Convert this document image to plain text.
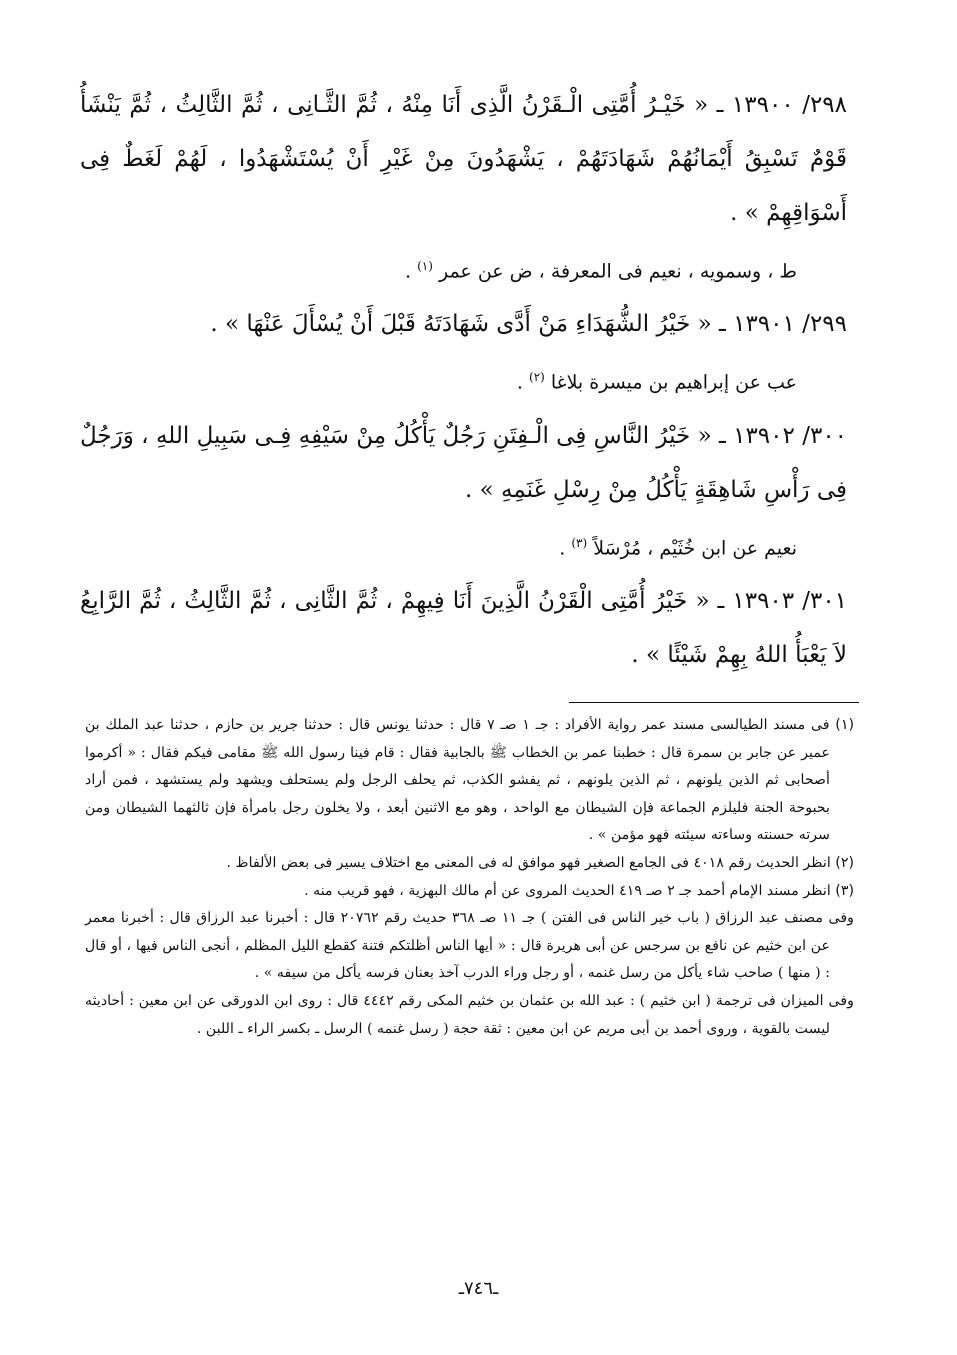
٢٩٨/ ١٣٩٠٠ ـ « خَيْـرُ أُمَّتِى الْـقَرْنُ الَّذِى أَنَا مِنْهُ ، ثُمَّ الثَّـانِى ، ثُمَّ الثَّالِثُ ، ثُمَّ يَنْشَأُ قَوْمٌ تَسْبِقُ أَيْمَانُهُمْ شَهَادَتَهُمْ ، يَشْهَدُونَ مِنْ غَيْرِ أَنْ يُسْتَشْهَدُوا ، لَهُمْ لَغَطٌ فِى أَسْوَاقِهِمْ » .

ط ، وسمويه ، نعيم فى المعرفة ، ض عن عمر $^{(١)}$ .

٢٩٩/ ١٣٩٠١ ـ « خَيْرُ الشُّهَدَاءِ مَنْ أَدَّى شَهَادَتَهُ قَبْلَ أَنْ يُسْأَلَ عَنْهَا » .

عب عن إبراهيم بن ميسرة بلاغا $^{(٢)}$ .

٣٠٠/ ١٣٩٠٢ ـ « خَيْرُ النَّاسِ فِى الْـفِتَنِ رَجُلٌ يَأْكُلُ مِنْ سَيْفِهِ فِـى سَبِيلِ اللهِ ، وَرَجُلٌ فِى رَأْسِ شَاهِقَةٍ يَأْكُلُ مِنْ رِسْلِ غَنَمِهِ » .

نعيم عن ابن خُثَيْم ، مُرْسَلاً $^{(٣)}$ .

٣٠١/ ١٣٩٠٣ ـ « خَيْرُ أُمَّتِى الْقَرْنُ الَّذِينَ أَنَا فِيهِمْ ، ثُمَّ الثَّانِى ، ثُمَّ الثَّالِثُ ، ثُمَّ الرَّابِعُ لاَ يَعْبَأُ اللهُ بِهِمْ شَيْئًا » .

(١) فى مسند الطيالسى مسند عمر رواية الأفراد : جـ ١ صـ ٧ قال : حدثنا يونس قال : حدثنا جرير بن حازم ، حدثنا عبد الملك بن عمير عن جابر بن سمرة قال : خطبنا عمر بن الخطاب ﷺ بالجابية فقال : قام فينا رسول الله ﷺ مقامى فيكم فقال : « أكرموا أصحابى ثم الذين يلونهم ، ثم الذين يلونهم ، ثم يفشو الكذب، ثم يحلف الرجل ولم يستحلف ويشهد ولم يستشهد ، فمن أراد بحبوحة الجنة فليلزم الجماعة فإن الشيطان مع الواحد ، وهو مع الاثنين أبعد ، ولا يخلون رجل بامرأة فإن ثالثهما الشيطان ومن سرته حسنته وساءته سيئته فهو مؤمن » .

(٢) انظر الحديث رقم ٤٠١٨ فى الجامع الصغير فهو موافق له فى المعنى مع اختلاف يسير فى بعض الألفاظ .

(٣) انظر مسند الإمام أحمد جـ ٢ صـ ٤١٩ الحديث المروى عن أم مالك البهزية ، فهو قريب منه .

وفى مصنف عبد الرزاق ( باب خير الناس فى الفتن ) جـ ١١ صـ ٣٦٨ حديث رقم ٢٠٧٦٢ قال : أخبرنا عبد الرزاق قال : أخبرنا معمر عن ابن خثيم عن نافع بن سرجس عن أبى هريرة قال : « أيها الناس أظلتكم فتنة كقطع الليل المظلم ، أنجى الناس فيها ، أو قال : ( منها ) صاحب شاء يأكل من رسل غنمه ، أو رجل وراء الدرب آخذ بعنان فرسه يأكل من سيفه » .

وفى الميزان فى ترجمة ( ابن خثيم ) : عبد الله بن عثمان بن خثيم المكى رقم ٤٤٤٢ قال : روى ابن الدورقى عن ابن معين : أحاديثه ليست بالقوية ، وروى أحمد بن أبى مريم عن ابن معين : ثقة حجة ( رسل غنمه ) الرسل ـ بكسر الراء ـ اللبن .

ـ٧٤٦ـ
